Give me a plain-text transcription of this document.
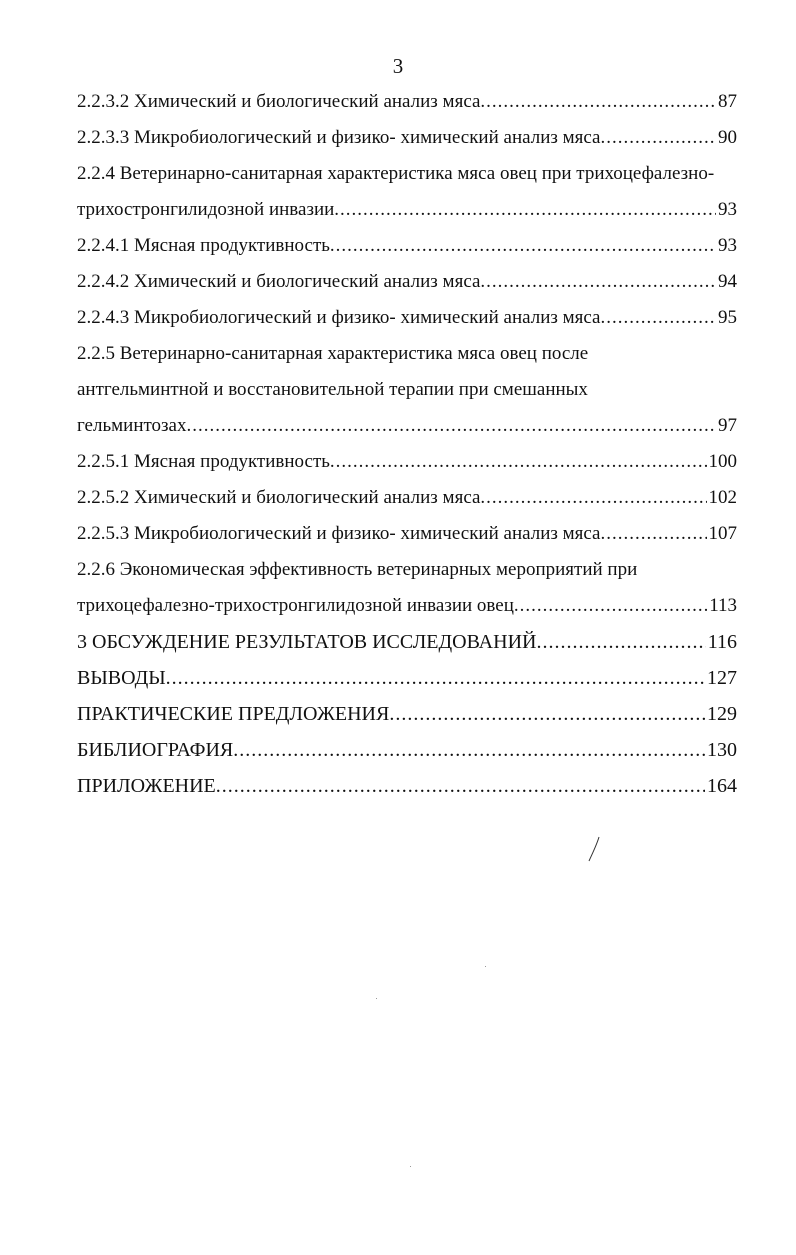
3
2.2.3.2 Химический и биологический анализ мяса .....	87
2.2.3.3 Микробиологический и физико- химический анализ мяса .....	90
2.2.4 Ветеринарно-санитарная характеристика мяса овец при трихоцефалезно-
трихостронгилидозной инвазии .....	93
2.2.4.1 Мясная продуктивность .....	93
2.2.4.2 Химический и биологический анализ мяса .....	94
2.2.4.3 Микробиологический и физико- химический анализ мяса .....	95
2.2.5 Ветеринарно-санитарная характеристика мяса овец после
антгельминтной и восстановительной терапии при смешанных
гельминтозах .....	97
2.2.5.1 Мясная продуктивность .....	100
2.2.5.2 Химический и биологический анализ мяса .....	102
2.2.5.3 Микробиологический и физико- химический анализ мяса .....	107
2.2.6 Экономическая эффективность ветеринарных мероприятий при
трихоцефалезно-трихостронгилидозной инвазии овец .....	113
3 ОБСУЖДЕНИЕ РЕЗУЛЬТАТОВ ИССЛЕДОВАНИЙ .....	116
ВЫВОДЫ .....	127
ПРАКТИЧЕСКИЕ ПРЕДЛОЖЕНИЯ .....	129
БИБЛИОГРАФИЯ .....	130
ПРИЛОЖЕНИЕ .....	164
